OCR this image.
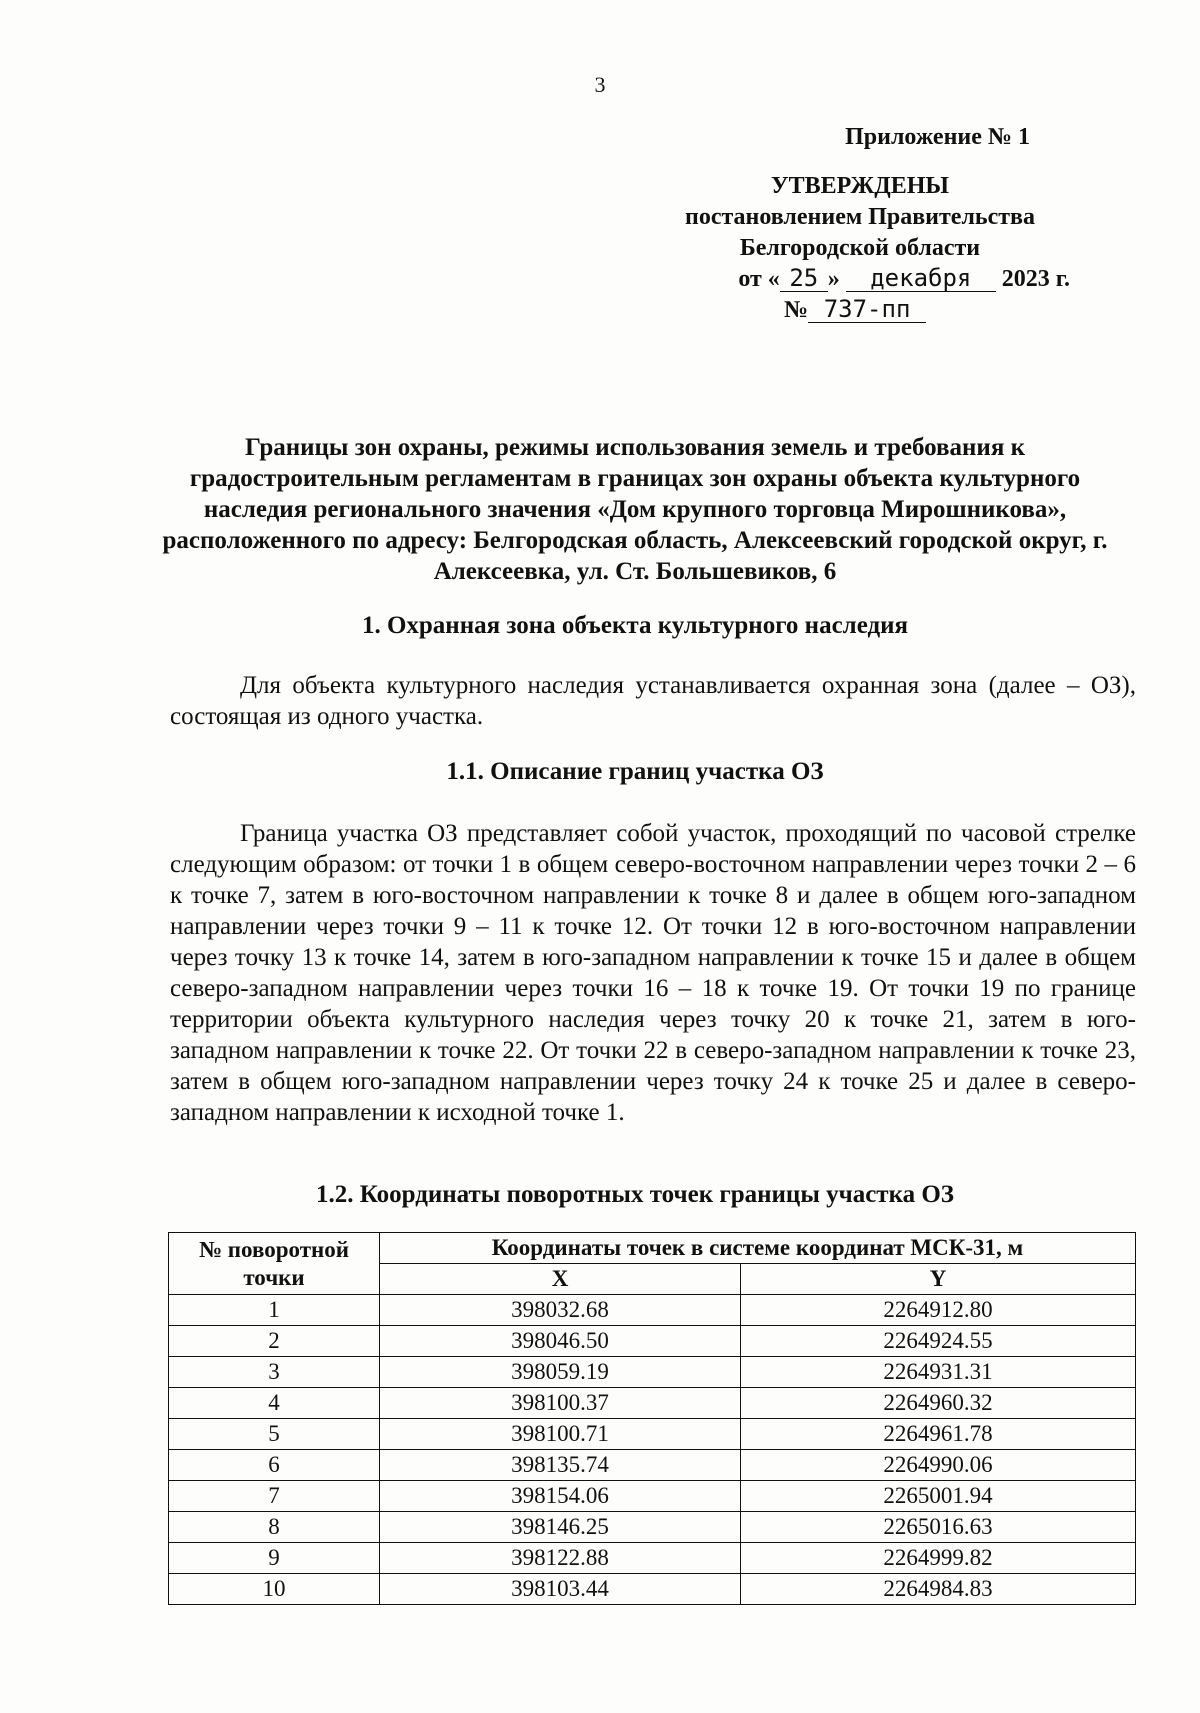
3
Приложение № 1
УТВЕРЖДЕНЫ
постановлением Правительства
Белгородской области
от « 25 » декабря 2023 г.
№ 737-пп
Границы зон охраны, режимы использования земель и требования к градостроительным регламентам в границах зон охраны объекта культурного наследия регионального значения «Дом крупного торговца Мирошникова», расположенного по адресу: Белгородская область, Алексеевский городской округ, г. Алексеевка, ул. Ст. Большевиков, 6
1. Охранная зона объекта культурного наследия

Для объекта культурного наследия устанавливается охранная зона (далее – ОЗ), состоящая из одного участка.

1.1. Описание границ участка ОЗ

Граница участка ОЗ представляет собой участок, проходящий по часовой стрелке следующим образом: от точки 1 в общем северо-восточном направлении через точки 2 – 6 к точке 7, затем в юго-восточном направлении к точке 8 и далее в общем юго-западном направлении через точки 9 – 11 к точке 12. От точки 12 в юго-восточном направлении через точку 13 к точке 14, затем в юго-западном направлении к точке 15 и далее в общем северо-западном направлении через точки 16 – 18 к точке 19. От точки 19 по границе территории объекта культурного наследия через точку 20 к точке 21, затем в юго-западном направлении к точке 22. От точки 22 в северо-западном направлении к точке 23, затем в общем юго-западном направлении через точку 24 к точке 25 и далее в северо-западном направлении к исходной точке 1.

1.2. Координаты поворотных точек границы участка ОЗ
№ поворотной точки	Координаты точек в системе координат МСК-31, м	
	X	Y
1	398032.68	2264912.80
2	398046.50	2264924.55
3	398059.19	2264931.31
4	398100.37	2264960.32
5	398100.71	2264961.78
6	398135.74	2264990.06
7	398154.06	2265001.94
8	398146.25	2265016.63
9	398122.88	2264999.82
10	398103.44	2264984.83
